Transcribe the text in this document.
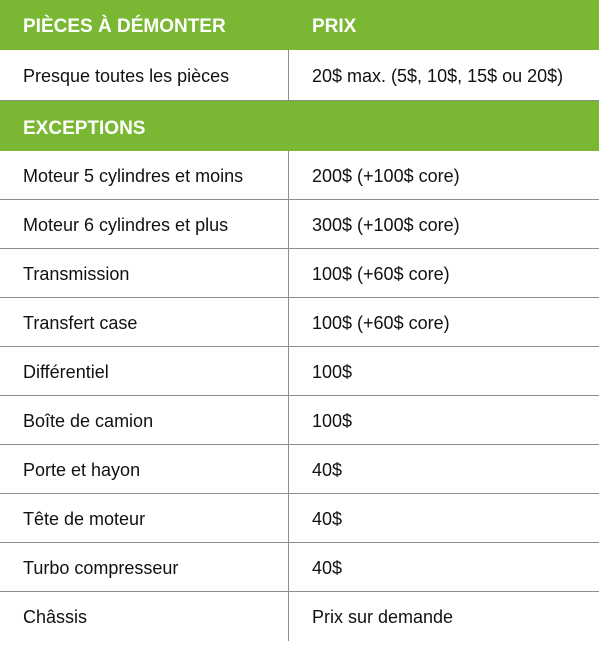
PIÈCES À DÉMONTER	PRIX
Presque toutes les pièces	20$ max. (5$, 10$, 15$ ou 20$)
EXCEPTIONS
Moteur 5 cylindres et moins	200$ (+100$ core)
Moteur 6 cylindres et plus	300$ (+100$ core)
Transmission	100$ (+60$ core)
Transfert case	100$ (+60$ core)
Différentiel	100$
Boîte de camion	100$
Porte et hayon	40$
Tête de moteur	40$
Turbo compresseur	40$
Châssis	Prix sur demande
